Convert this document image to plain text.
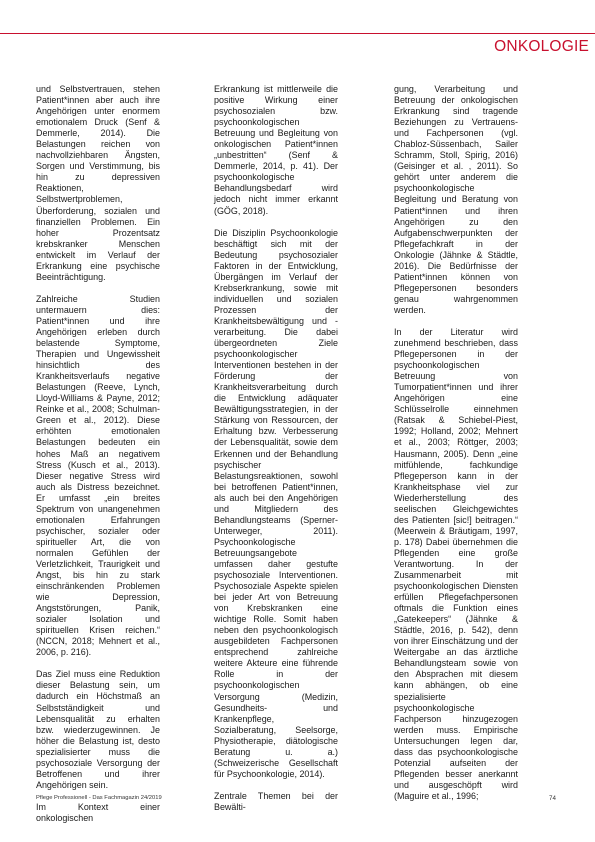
ONKOLOGIE

und Selbstvertrauen, stehen Patient*innen aber auch ihre Angehörigen unter enormem emotionalem Druck (Senf & Demmerle, 2014). Die Belastungen reichen von nachvollziehbaren Ängsten, Sorgen und Verstimmung, bis hin zu depressiven Reaktionen, Selbstwertproblemen, Überforderung, sozialen und finanziellen Problemen. Ein hoher Prozentsatz krebskranker Menschen entwickelt im Verlauf der Erkrankung eine psychische Beeinträchtigung.

Zahlreiche Studien untermauern dies: Patient*innen und ihre Angehörigen erleben durch belastende Symptome, Therapien und Ungewissheit hinsichtlich des Krankheitsverlaufs negative Belastungen (Reeve, Lynch, Lloyd-Williams & Payne, 2012; Reinke et al., 2008; Schulman-Green et al., 2012). Diese erhöhten emotionalen Belastungen bedeuten ein hohes Maß an negativem Stress (Kusch et al., 2013). Dieser negative Stress wird auch als Distress bezeichnet. Er umfasst „ein breites Spektrum von unangenehmen emotionalen Erfahrungen psychischer, sozialer oder spiritueller Art, die von normalen Gefühlen der Verletzlichkeit, Traurigkeit und Angst, bis hin zu stark einschränkenden Problemen wie Depression, Angststörungen, Panik, sozialer Isolation und spirituellen Krisen reichen.“ (NCCN, 2018; Mehnert et al., 2006, p. 216).

Das Ziel muss eine Reduktion dieser Belastung sein, um dadurch ein Höchstmaß an Selbstständigkeit und Lebensqualität zu erhalten bzw. wiederzugewinnen. Je höher die Belastung ist, desto spezialisierter muss die psychosoziale Versorgung der Betroffenen und ihrer Angehörigen sein.

Im Kontext einer onkologischen

Erkrankung ist mittlerweile die positive Wirkung einer psychosozialen bzw. psychoonkologischen Betreuung und Begleitung von onkologischen Patient*innen „unbestritten“ (Senf & Demmerle, 2014, p. 41). Der psychoonkologische Behandlungsbedarf wird jedoch nicht immer erkannt (GÖG, 2018).

Die Disziplin Psychoonkologie beschäftigt sich mit der Bedeutung psychosozialer Faktoren in der Entwicklung, Übergängen im Verlauf der Krebserkrankung, sowie mit individuellen und sozialen Prozessen der Krankheitsbewältigung und -verarbeitung. Die dabei übergeordneten Ziele psychoonkologischer Interventionen bestehen in der Förderung der Krankheitsverarbeitung durch die Entwicklung adäquater Bewältigungsstrategien, in der Stärkung von Ressourcen, der Erhaltung bzw. Verbesserung der Lebensqualität, sowie dem Erkennen und der Behandlung psychischer Belastungsreaktionen, sowohl bei betroffenen Patient*innen, als auch bei den Angehörigen und Mitgliedern des Behandlungsteams (Sperner-Unterweger, 2011). Psychoonkologische Betreuungsangebote umfassen daher gestufte psychosoziale Interventionen. Psychosoziale Aspekte spielen bei jeder Art von Betreuung von Krebskranken eine wichtige Rolle. Somit haben neben den psychoonkologisch ausgebildeten Fachpersonen entsprechend zahlreiche weitere Akteure eine führende Rolle in der psychoonkologischen Versorgung (Medizin, Gesundheits- und Krankenpflege, Sozialberatung, Seelsorge, Physiotherapie, diätologische Beratung u. a.) (Schweizerische Gesellschaft für Psychoonkologie, 2014).

Zentrale Themen bei der Bewälti-

gung, Verarbeitung und Betreuung der onkologischen Erkrankung sind tragende Beziehungen zu Vertrauens- und Fachpersonen (vgl. Chabloz-Süssenbach, Sailer Schramm, Stoll, Spirig, 2016)(Geisinger et al. , 2011). So gehört unter anderem die psychoonkologische Begleitung und Beratung von Patient*innen und ihren Angehörigen zu den Aufgabenschwerpunkten der Pflegefachkraft in der Onkologie (Jähnke & Städtle, 2016). Die Bedürfnisse der Patient*innen können von Pflegepersonen besonders genau wahrgenommen werden.

In der Literatur wird zunehmend beschrieben, dass Pflegepersonen in der psychoonkologischen Betreuung von Tumorpatient*innen und ihrer Angehörigen eine Schlüsselrolle einnehmen (Ratsak & Schiebel-Piest, 1992; Holland, 2002; Mehnert et al., 2003; Röttger, 2003; Hausmann, 2005). Denn „eine mitfühlende, fachkundige Pflegeperson kann in der Krankheitsphase viel zur Wiederherstellung des seelischen Gleichgewichtes des Patienten [sic!] beitragen.“ (Meerwein & Bräutigam, 1997, p. 178) Dabei übernehmen die Pflegenden eine große Verantwortung. In der Zusammenarbeit mit psychoonkologischen Diensten erfüllen Pflegefachpersonen oftmals die Funktion eines „Gatekeepers“ (Jähnke & Städtle, 2016, p. 542), denn von ihrer Einschätzung und der Weitergabe an das ärztliche Behandlungsteam sowie von den Absprachen mit diesem kann abhängen, ob eine spezialisierte psychoonkologische Fachperson hinzugezogen werden muss. Empirische Untersuchungen legen dar, dass das psychoonkologische Potenzial aufseiten der Pflegenden besser anerkannt und ausgeschöpft wird (Maguire et al., 1996;

Pflege Professionell - Das Fachmagazin 24/2019	74
